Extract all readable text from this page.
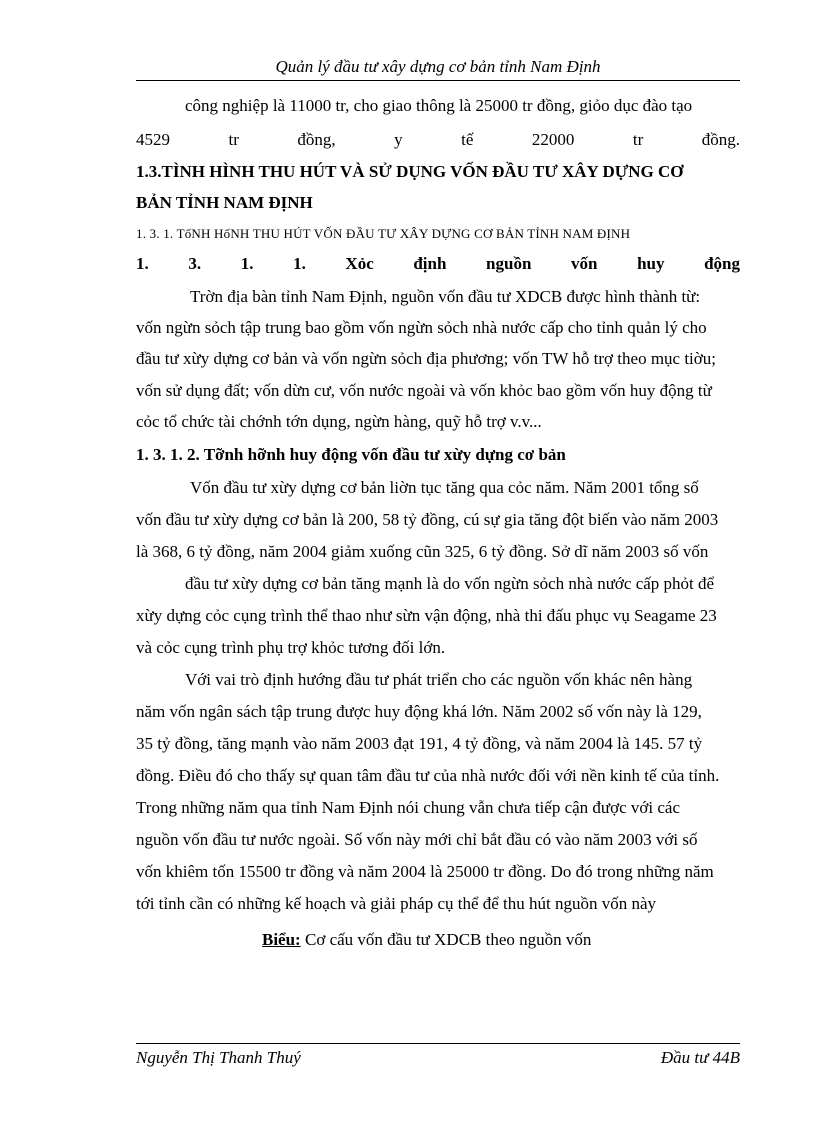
Quản lý đầu tư xây dựng cơ bản tỉnh Nam Định
công nghiệp là 11000 tr, cho giao thông là 25000 tr đồng, giỏo dục đào tạo
4529 tr đồng, y tế 22000 tr đồng.
1.3.TÌNH HÌNH THU HÚT VÀ SỬ DỤNG VỐN ĐẦU TƯ XÂY DỰNG CƠ
BẢN TỈNH NAM ĐỊNH
1. 3. 1. TốNH HốNH THU HÚT VỐN ĐẦU TƯ XÂY DỰNG CƠ BẢN TỈNH NAM ĐỊNH
1. 3. 1. 1. Xỏc định nguồn vốn huy động
Trờn địa bàn tỉnh Nam Định, nguồn vốn đầu tư XDCB được hình thành từ:
vốn ngừn sỏch tập trung bao gồm vốn ngừn sỏch nhà nước cấp cho tỉnh quản lý cho
đầu tư xừy dựng cơ bản và vốn ngừn sỏch địa phương; vốn TW hỗ trợ theo mục tiờu;
vốn sử dụng đất; vốn dừn cư, vốn nước ngoài và vốn khỏc bao gồm vốn huy động từ
cỏc tổ chức tài chớnh tớn dụng, ngừn hàng, quỹ hỗ trợ v.v...
1. 3. 1. 2. Tỡnh hỡnh huy động vốn đầu tư xừy dựng cơ bản
Vốn đầu tư xừy dựng cơ bản liờn tục tăng qua cỏc năm. Năm 2001 tổng số
vốn đầu tư xừy dựng cơ bản là 200, 58 tỷ đồng, cú sự gia tăng đột biến vào năm 2003
là 368, 6 tỷ đồng, năm 2004 giảm xuống cũn 325, 6 tỷ đồng. Sở dĩ năm 2003 số vốn
đầu tư xừy dựng cơ bản tăng mạnh là do vốn ngừn sỏch nhà nước cấp phỏt để
xừy dựng cỏc cụng trình thể thao như sừn vận động, nhà thi đấu phục vụ Seagame 23
và cỏc cụng trình phụ trợ khỏc tương đối lớn.
Với vai trò định hướng đầu tư phát triển cho các nguồn vốn khác nên hàng
năm vốn ngân sách tập trung được huy động khá lớn. Năm 2002 số vốn này là 129,
35 tỷ đồng, tăng mạnh vào năm 2003 đạt 191, 4 tỷ đồng, và năm 2004 là 145. 57 tỷ
đồng. Điều đó cho thấy sự quan tâm đầu tư của nhà nước đối với nền kinh tế của tỉnh.
Trong những năm qua tỉnh Nam Định nói chung vẫn chưa tiếp cận được với các
nguồn vốn đầu tư nước ngoài. Số vốn này mới chỉ bắt đầu có vào năm 2003 với số
vốn khiêm tốn 15500 tr đồng và năm 2004 là 25000 tr đồng. Do đó trong những năm
tới tỉnh cần có những kế hoạch và giải pháp cụ thể để thu hút nguồn vốn này
Biểu: Cơ cấu vốn đầu tư XDCB theo nguồn vốn
Nguyễn Thị Thanh Thuý	Đầu tư 44B
